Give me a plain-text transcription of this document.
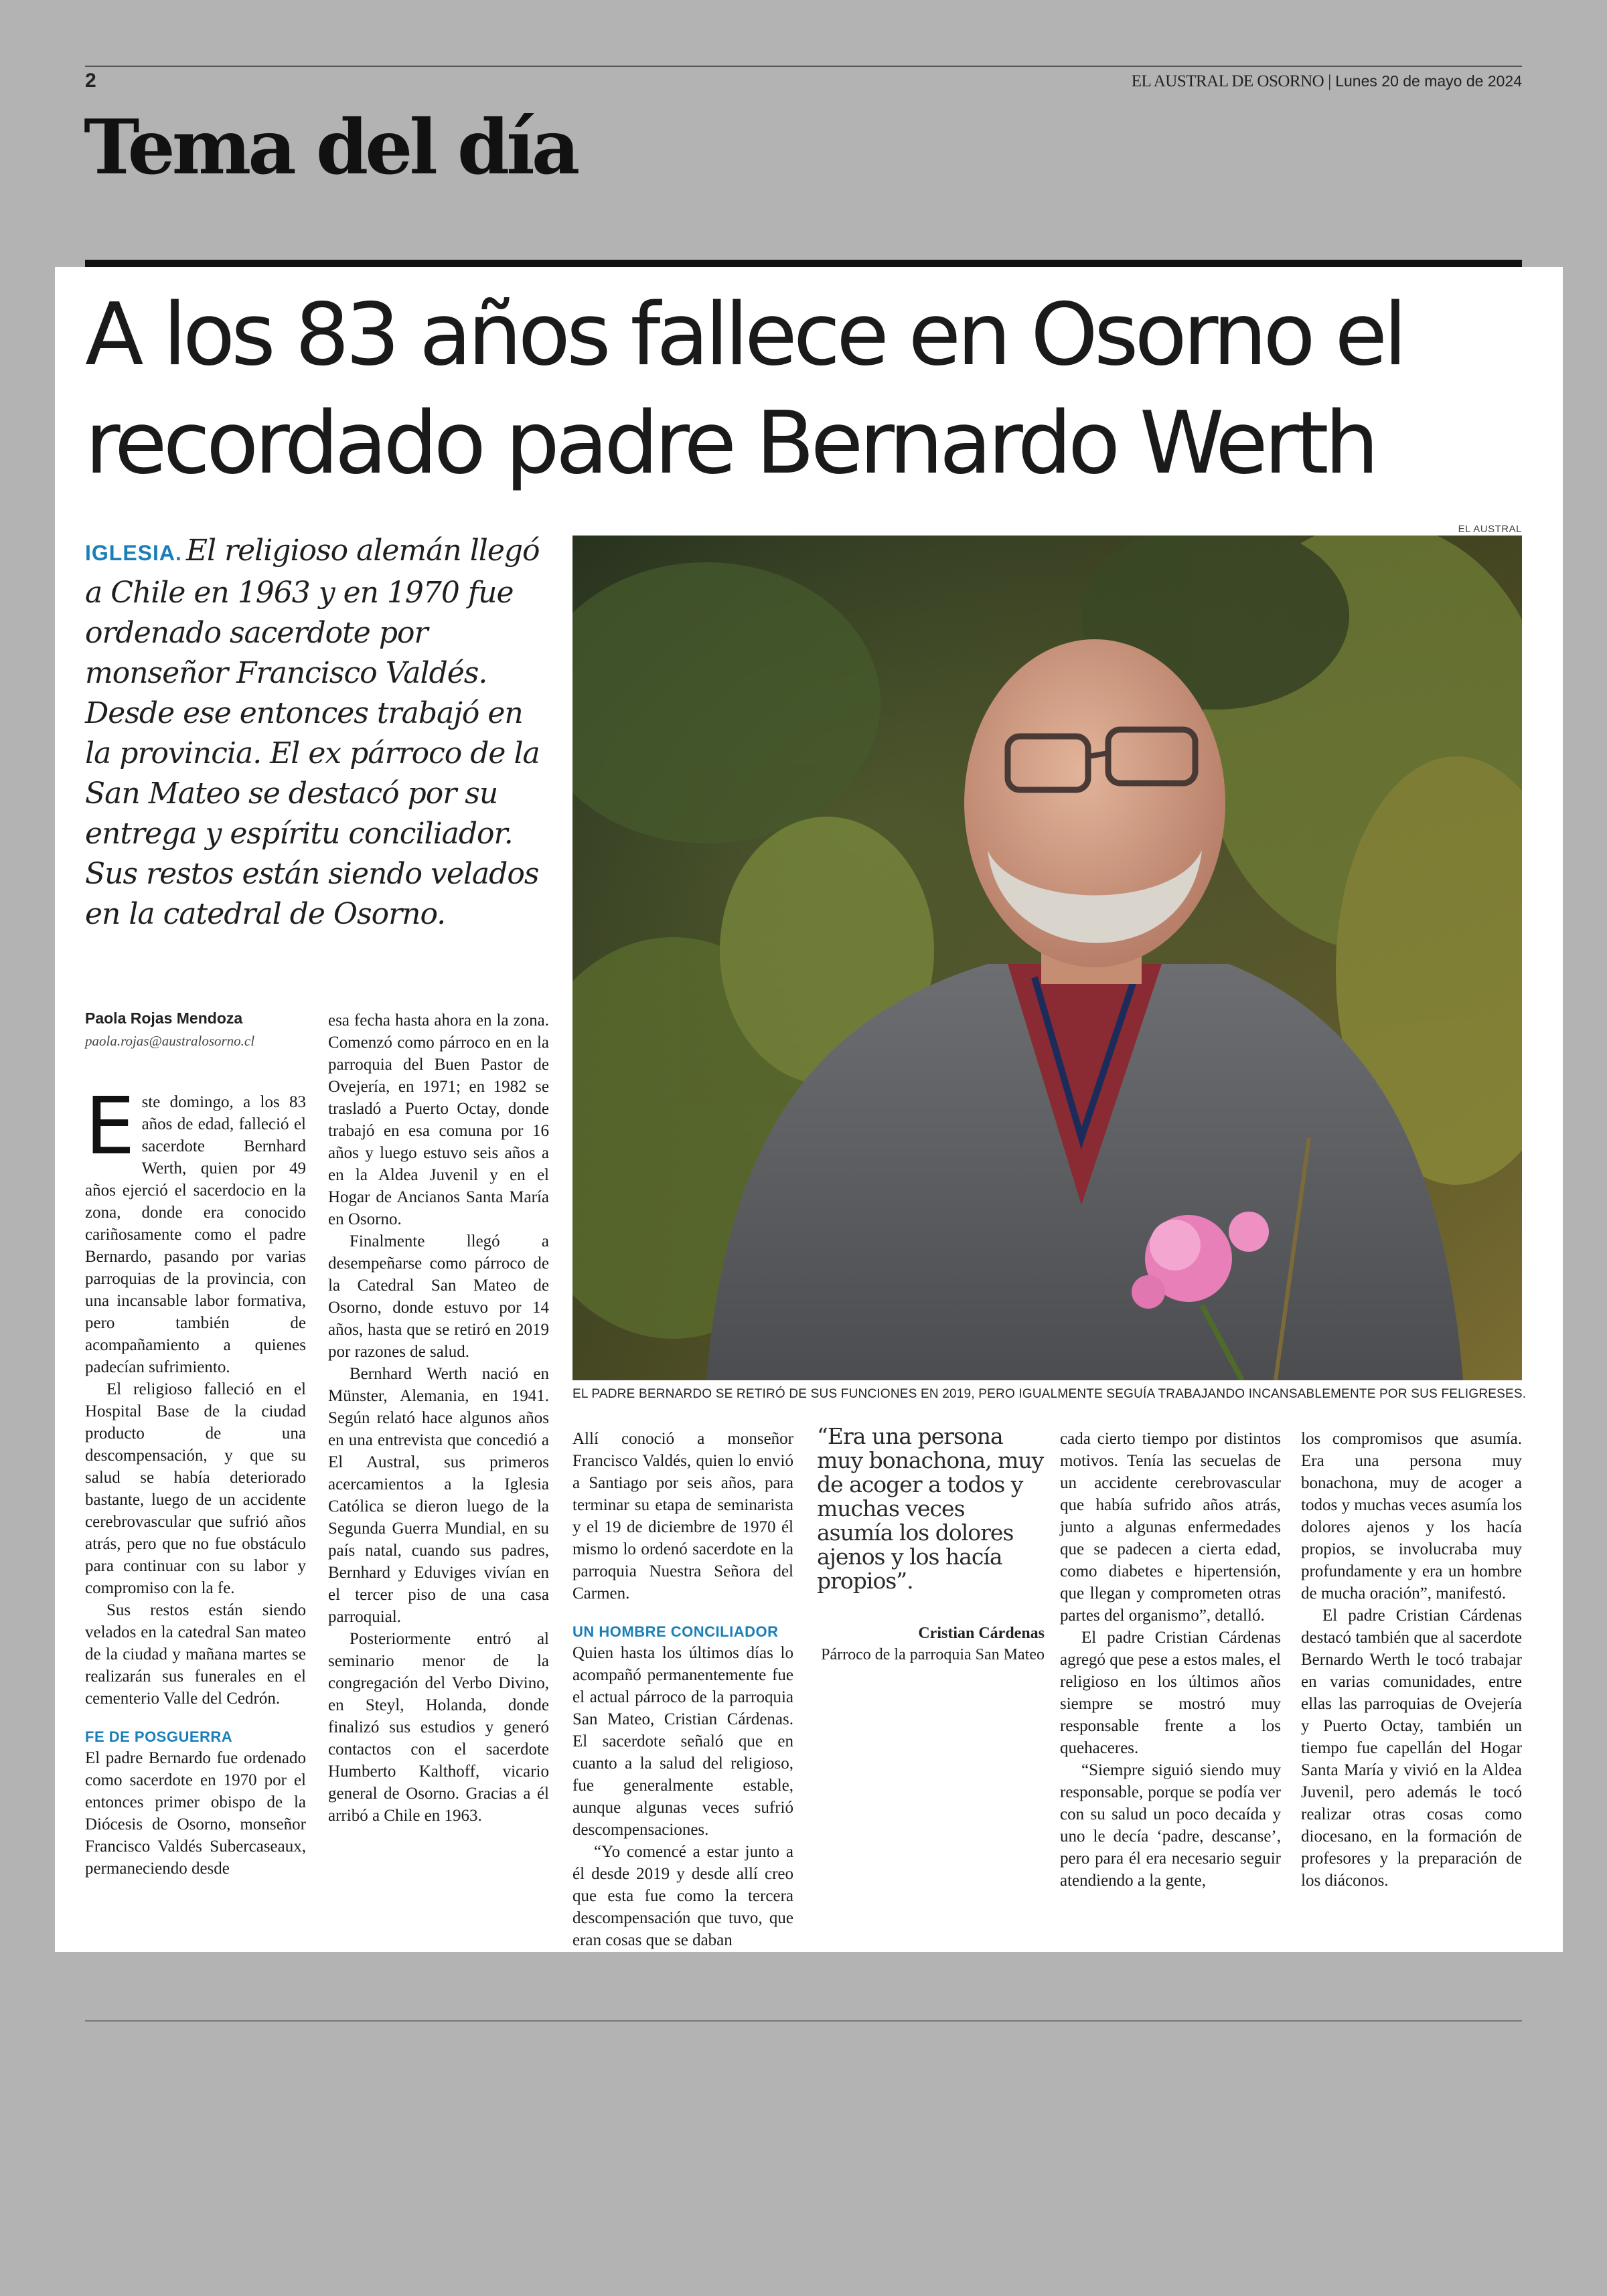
2	EL AUSTRAL DE OSORNO | Lunes 20 de mayo de 2024
Tema del día
A los 83 años fallece en Osorno el recordado padre Bernardo Werth
EL AUSTRAL
EL PADRE BERNARDO SE RETIRÓ DE SUS FUNCIONES EN 2019, PERO IGUALMENTE SEGUÍA TRABAJANDO INCANSABLEMENTE POR SUS FELIGRESES.

IGLESIA. El religioso alemán llegó a Chile en 1963 y en 1970 fue ordenado sacerdote por monseñor Francisco Valdés. Desde ese entonces trabajó en la provincia. El ex párroco de la San Mateo se destacó por su entrega y espíritu conciliador. Sus restos están siendo velados en la catedral de Osorno.

Paola Rojas Mendoza
paola.rojas@australosorno.cl

Este domingo, a los 83 años de edad, falleció el sacerdote Bernhard Werth, quien por 49 años ejerció el sacerdocio en la zona, donde era conocido cariñosamente como el padre Bernardo, pasando por varias parroquias de la provincia, con una incansable labor formativa, pero también de acompañamiento a quienes padecían sufrimiento.

El religioso falleció en el Hospital Base de la ciudad producto de una descompensación, y que su salud se había deteriorado bastante, luego de un accidente cerebrovascular que sufrió años atrás, pero que no fue obstáculo para continuar con su labor y compromiso con la fe.

Sus restos están siendo velados en la catedral San mateo de la ciudad y mañana martes se realizarán sus funerales en el cementerio Valle del Cedrón.

FE DE POSGUERRA

El padre Bernardo fue ordenado como sacerdote en 1970 por el entonces primer obispo de la Diócesis de Osorno, monseñor Francisco Valdés Subercaseaux, permaneciendo desde

esa fecha hasta ahora en la zona. Comenzó como párroco en en la parroquia del Buen Pastor de Ovejería, en 1971; en 1982 se trasladó a Puerto Octay, donde trabajó en esa comuna por 16 años y luego estuvo seis años a en la Aldea Juvenil y en el Hogar de Ancianos Santa María en Osorno.

Finalmente llegó a desempeñarse como párroco de la Catedral San Mateo de Osorno, donde estuvo por 14 años, hasta que se retiró en 2019 por razones de salud.

Bernhard Werth nació en Münster, Alemania, en 1941. Según relató hace algunos años en una entrevista que concedió a El Austral, sus primeros acercamientos a la Iglesia Católica se dieron luego de la Segunda Guerra Mundial, en su país natal, cuando sus padres, Bernhard y Eduviges vivían en el tercer piso de una casa parroquial.

Posteriormente entró al seminario menor de la congregación del Verbo Divino, en Steyl, Holanda, donde finalizó sus estudios y generó contactos con el sacerdote Humberto Kalthoff, vicario general de Osorno. Gracias a él arribó a Chile en 1963.

Allí conoció a monseñor Francisco Valdés, quien lo envió a Santiago por seis años, para terminar su etapa de seminarista y el 19 de diciembre de 1970 él mismo lo ordenó sacerdote en la parroquia Nuestra Señora del Carmen.

UN HOMBRE CONCILIADOR

Quien hasta los últimos días lo acompañó permanentemente fue el actual párroco de la parroquia San Mateo, Cristian Cárdenas. El sacerdote señaló que en cuanto a la salud del religioso, fue generalmente estable, aunque algunas veces sufrió descompensaciones.

“Yo comencé a estar junto a él desde 2019 y desde allí creo que esta fue como la tercera descompensación que tuvo, que eran cosas que se daban

“Era una persona muy bonachona, muy de acoger a todos y muchas veces asumía los dolores ajenos y los hacía propios”.
Cristian Cárdenas
Párroco de la parroquia San Mateo

cada cierto tiempo por distintos motivos. Tenía las secuelas de un accidente cerebrovascular que había sufrido años atrás, junto a algunas enfermedades que se padecen a cierta edad, como diabetes e hipertensión, que llegan y comprometen otras partes del organismo”, detalló.

El padre Cristian Cárdenas agregó que pese a estos males, el religioso en los últimos años siempre se mostró muy responsable frente a los quehaceres.

“Siempre siguió siendo muy responsable, porque se podía ver con su salud un poco decaída y uno le decía ‘padre, descanse’, pero para él era necesario seguir atendiendo a la gente,

los compromisos que asumía. Era una persona muy bonachona, muy de acoger a todos y muchas veces asumía los dolores ajenos y los hacía propios, se involucraba muy profundamente y era un hombre de mucha oración”, manifestó.

El padre Cristian Cárdenas destacó también que al sacerdote Bernardo Werth le tocó trabajar en varias comunidades, entre ellas las parroquias de Ovejería y Puerto Octay, también un tiempo fue capellán del Hogar Santa María y vivió en la Aldea Juvenil, pero además le tocó realizar otras cosas como diocesano, en la formación de profesores y la preparación de los diáconos.
